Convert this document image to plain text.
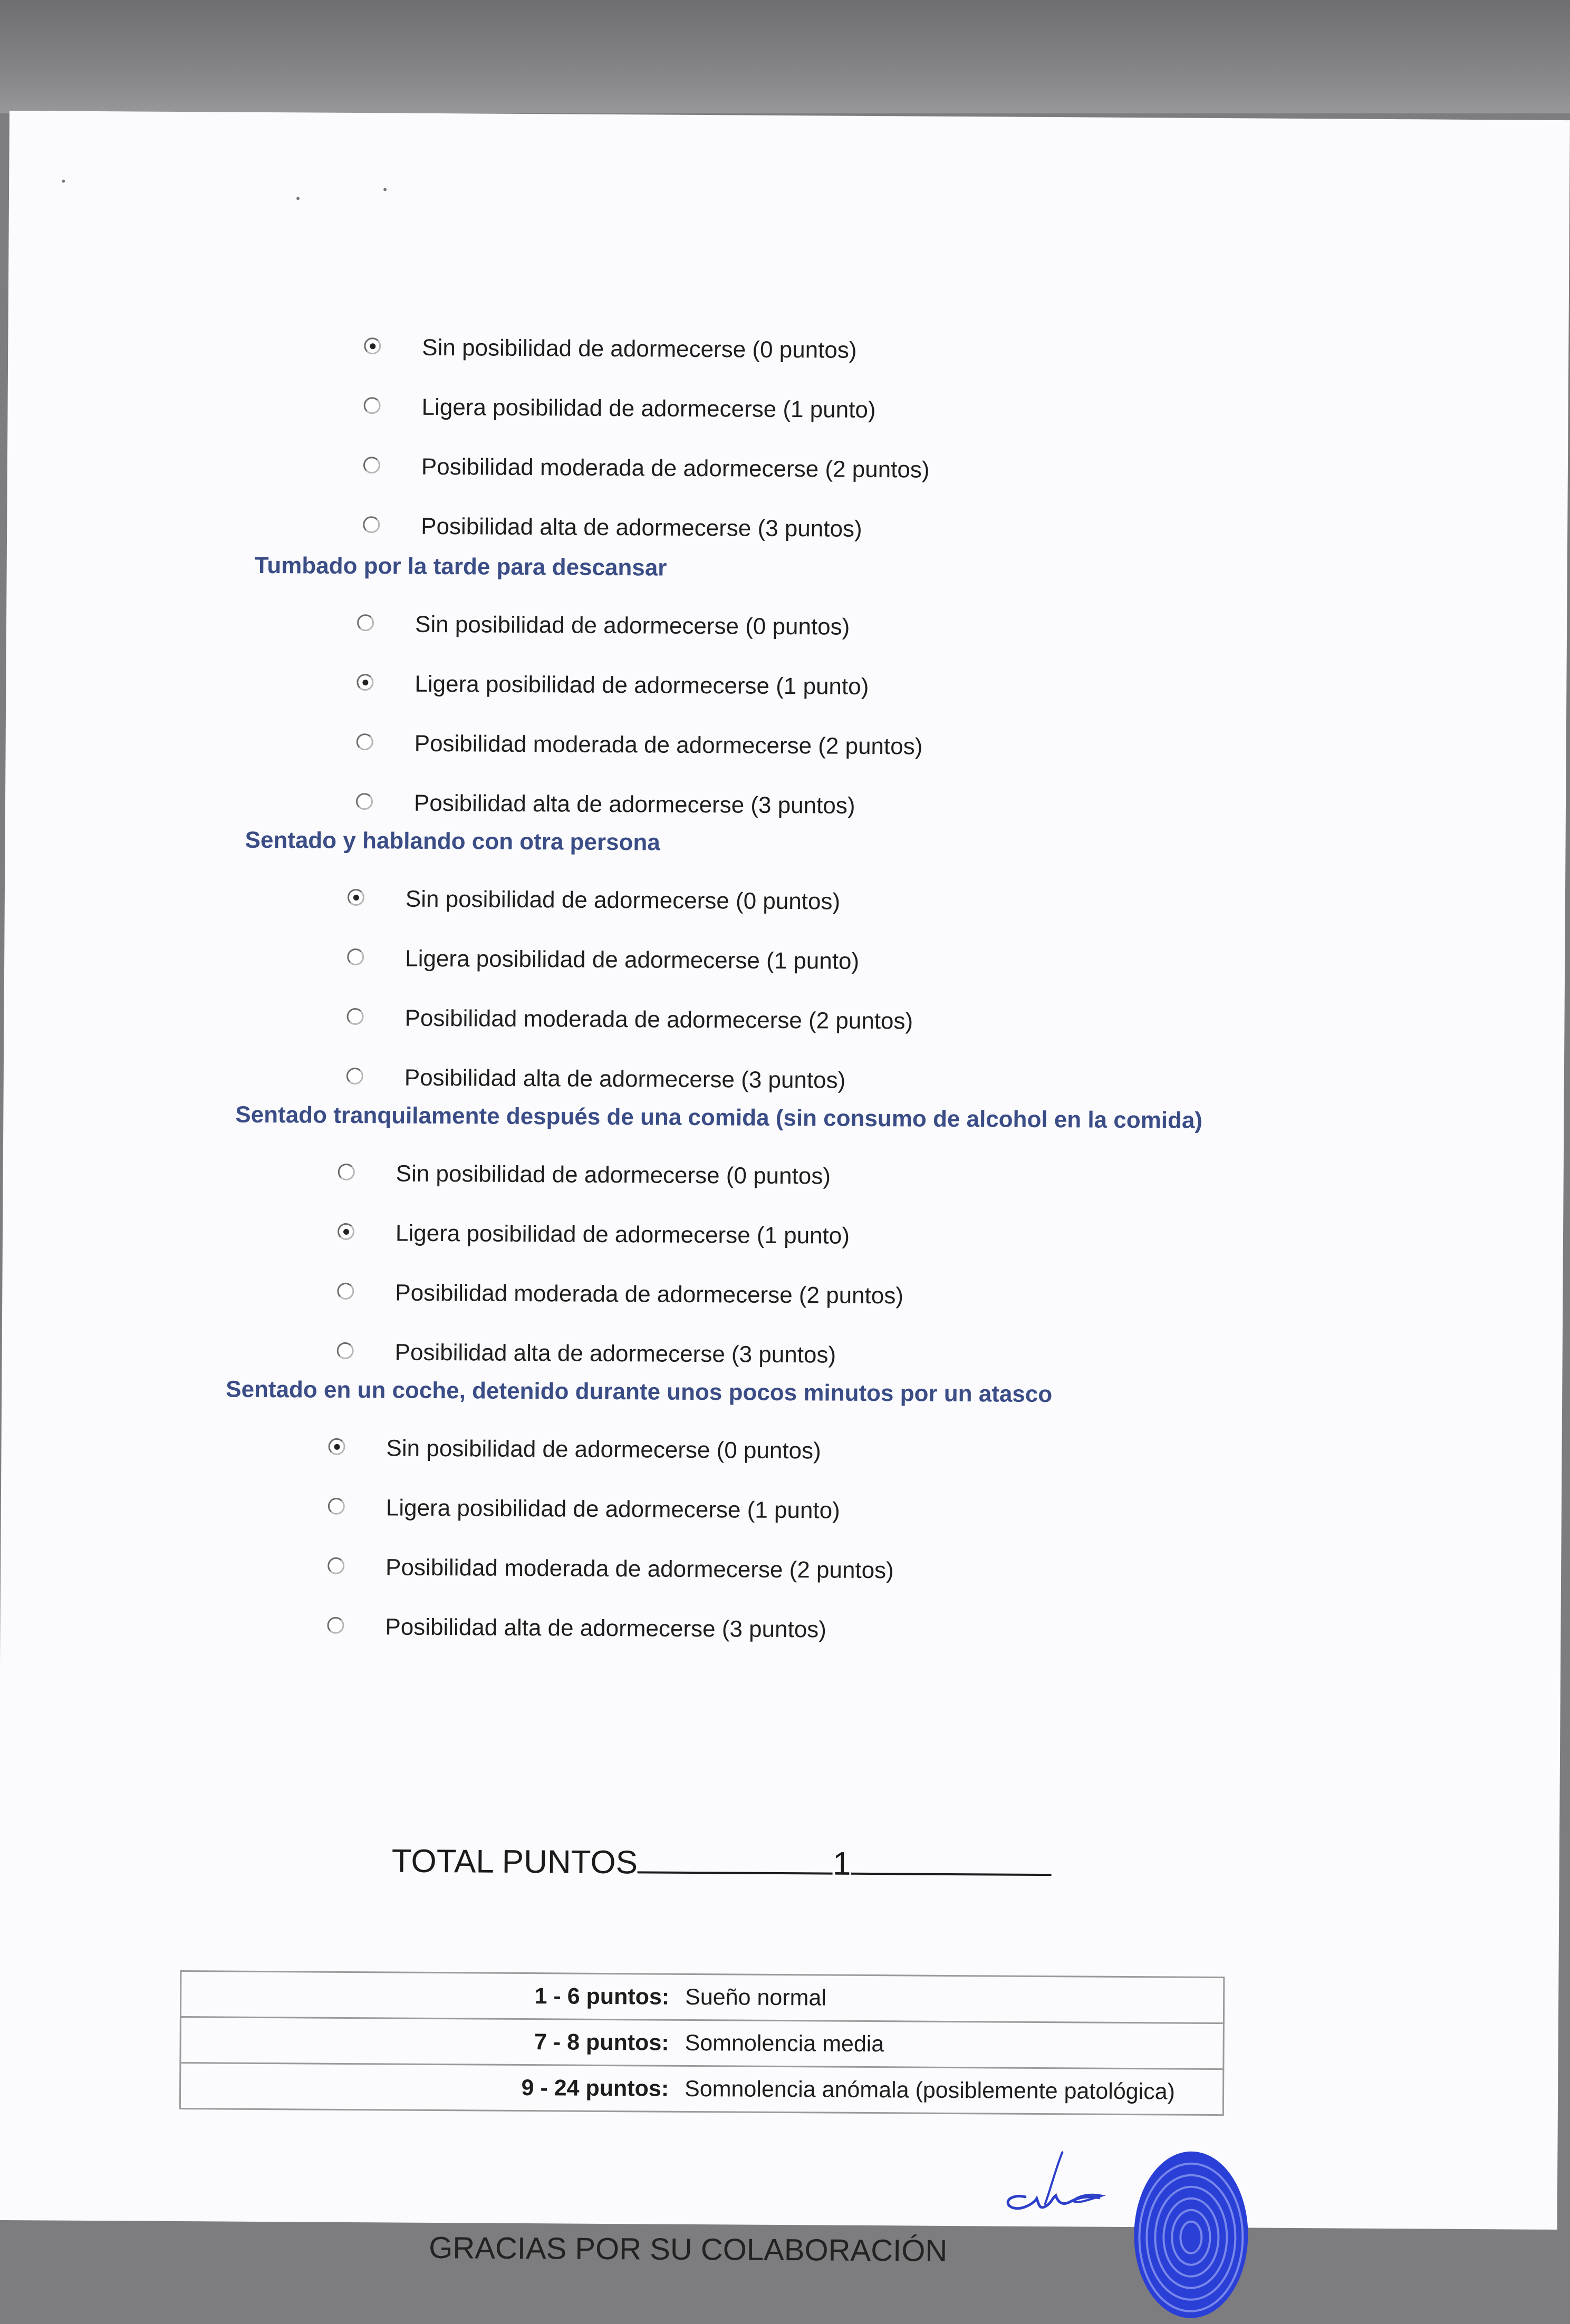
Sin posibilidad de adormecerse (0 puntos)
Ligera posibilidad de adormecerse (1 punto)
Posibilidad moderada de adormecerse (2 puntos)
Posibilidad alta de adormecerse (3 puntos)
Tumbado por la tarde para descansar
Sin posibilidad de adormecerse (0 puntos)
Ligera posibilidad de adormecerse (1 punto)
Posibilidad moderada de adormecerse (2 puntos)
Posibilidad alta de adormecerse (3 puntos)
Sentado y hablando con otra persona
Sin posibilidad de adormecerse (0 puntos)
Ligera posibilidad de adormecerse (1 punto)
Posibilidad moderada de adormecerse (2 puntos)
Posibilidad alta de adormecerse (3 puntos)
Sentado tranquilamente después de una comida (sin consumo de alcohol en la comida)
Sin posibilidad de adormecerse (0 puntos)
Ligera posibilidad de adormecerse (1 punto)
Posibilidad moderada de adormecerse (2 puntos)
Posibilidad alta de adormecerse (3 puntos)
Sentado en un coche, detenido durante unos pocos minutos por un atasco
Sin posibilidad de adormecerse (0 puntos)
Ligera posibilidad de adormecerse (1 punto)
Posibilidad moderada de adormecerse (2 puntos)
Posibilidad alta de adormecerse (3 puntos)
TOTAL PUNTOS	1
1 - 6 puntos: Sueño normal
7 - 8 puntos: Somnolencia media
9 - 24 puntos: Somnolencia anómala (posiblemente patológica)
GRACIAS POR SU COLABORACIÓN
